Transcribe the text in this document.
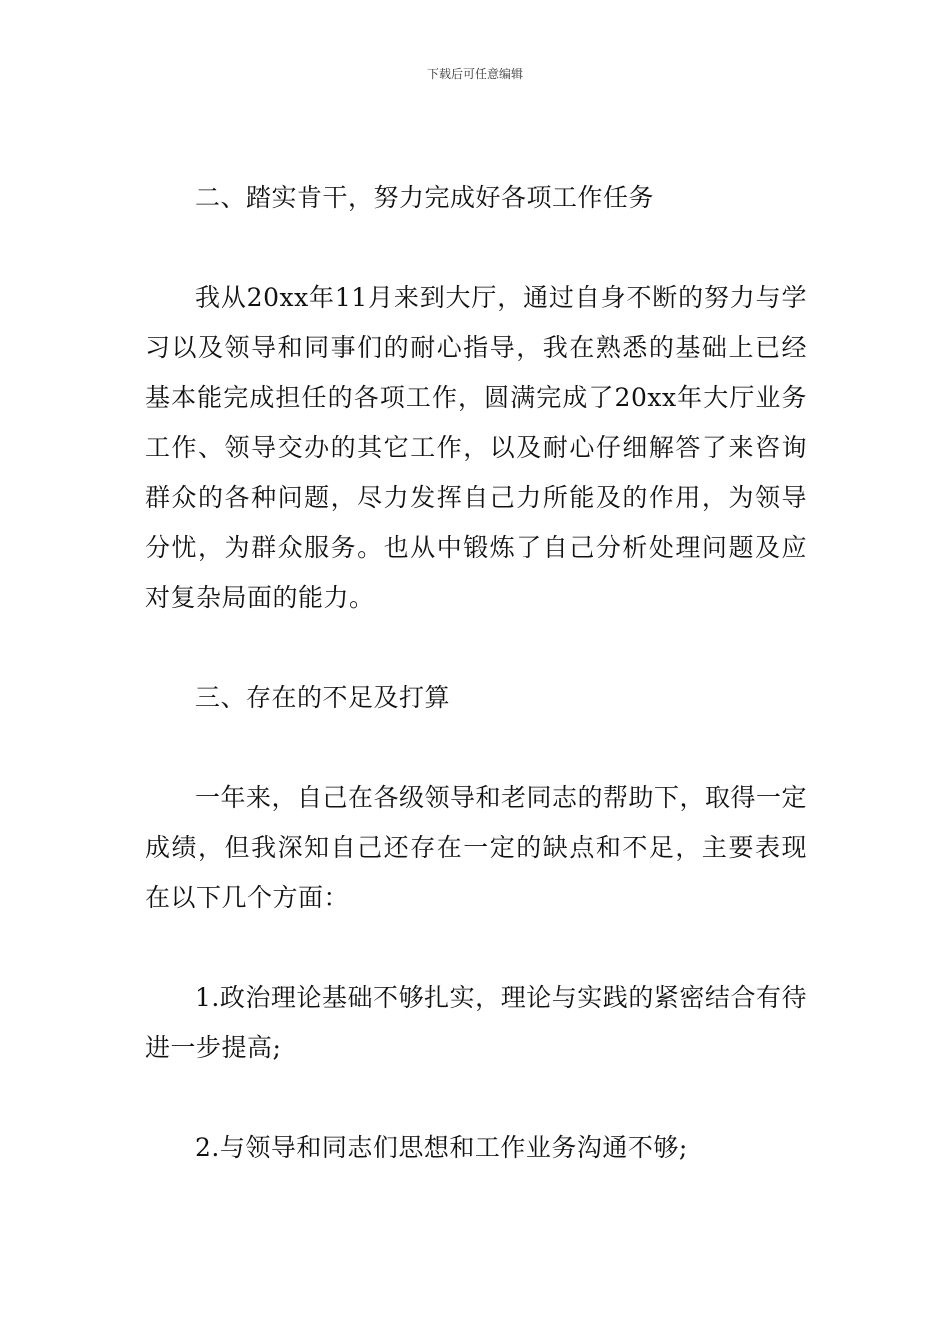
下载后可任意编辑

二、踏实肯干，努力完成好各项工作任务

我从20xx年11月来到大厅，通过自身不断的努力与学习以及领导和同事们的耐心指导，我在熟悉的基础上已经基本能完成担任的各项工作，圆满完成了20xx年大厅业务工作、领导交办的其它工作，以及耐心仔细解答了来咨询群众的各种问题，尽力发挥自己力所能及的作用，为领导分忧，为群众服务。也从中锻炼了自己分析处理问题及应对复杂局面的能力。

三、存在的不足及打算

一年来，自己在各级领导和老同志的帮助下，取得一定成绩，但我深知自己还存在一定的缺点和不足，主要表现在以下几个方面：

1.政治理论基础不够扎实，理论与实践的紧密结合有待进一步提高;

2.与领导和同志们思想和工作业务沟通不够;
